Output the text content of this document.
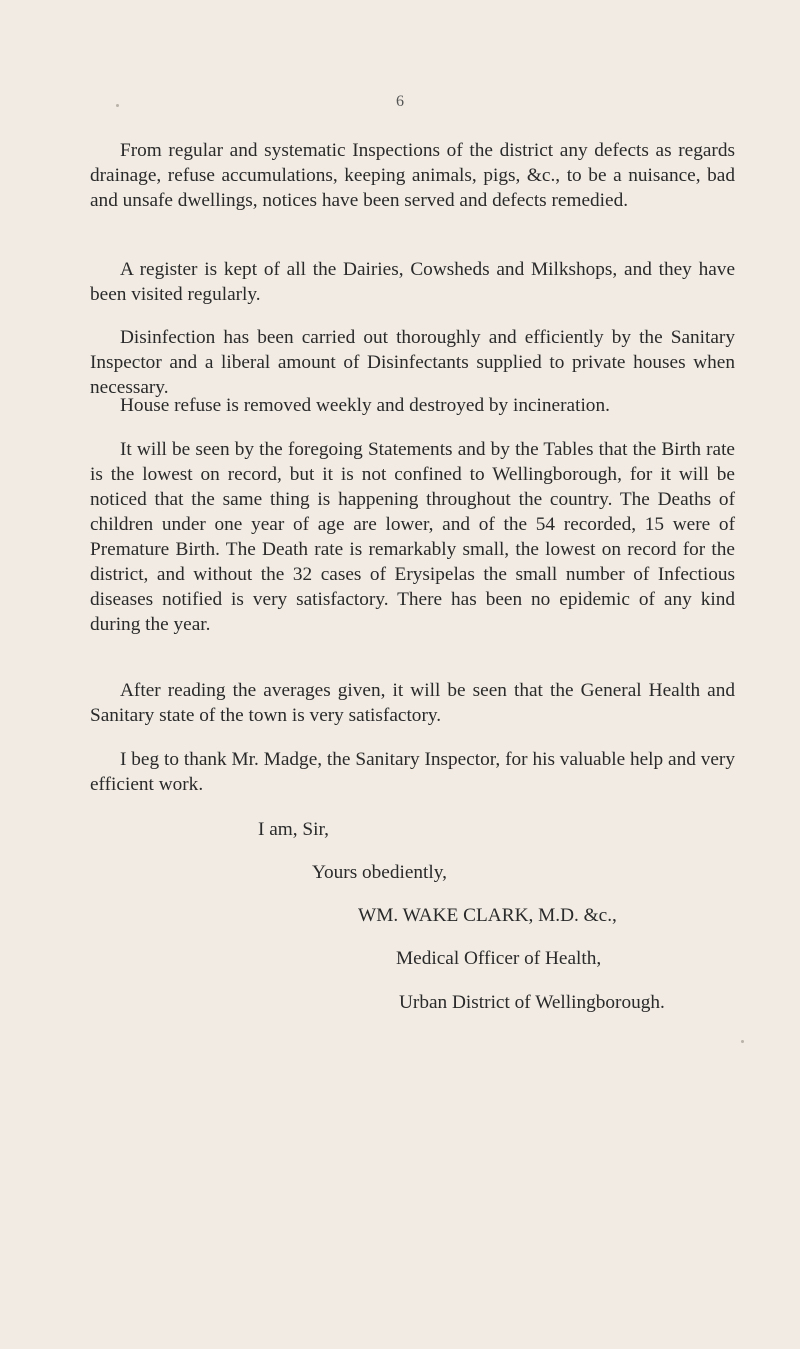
6

From regular and systematic Inspections of the district any defects as regards drainage, refuse accumulations, keeping animals, pigs, &c., to be a nuisance, bad and unsafe dwellings, notices have been served and defects remedied.

A register is kept of all the Dairies, Cowsheds and Milkshops, and they have been visited regularly.

Disinfection has been carried out thoroughly and efficiently by the Sanitary Inspector and a liberal amount of Disinfectants supplied to private houses when necessary.

House refuse is removed weekly and destroyed by incineration.

It will be seen by the foregoing Statements and by the Tables that the Birth rate is the lowest on record, but it is not confined to Wellingborough, for it will be noticed that the same thing is happening throughout the country. The Deaths of children under one year of age are lower, and of the 54 recorded, 15 were of Premature Birth. The Death rate is remarkably small, the lowest on record for the district, and without the 32 cases of Erysipelas the small number of Infectious diseases notified is very satisfactory. There has been no epidemic of any kind during the year.

After reading the averages given, it will be seen that the General Health and Sanitary state of the town is very satisfactory.

I beg to thank Mr. Madge, the Sanitary Inspector, for his valuable help and very efficient work.

I am, Sir,

Yours obediently,

WM. WAKE CLARK, M.D. &c.,

Medical Officer of Health,

Urban District of Wellingborough.
